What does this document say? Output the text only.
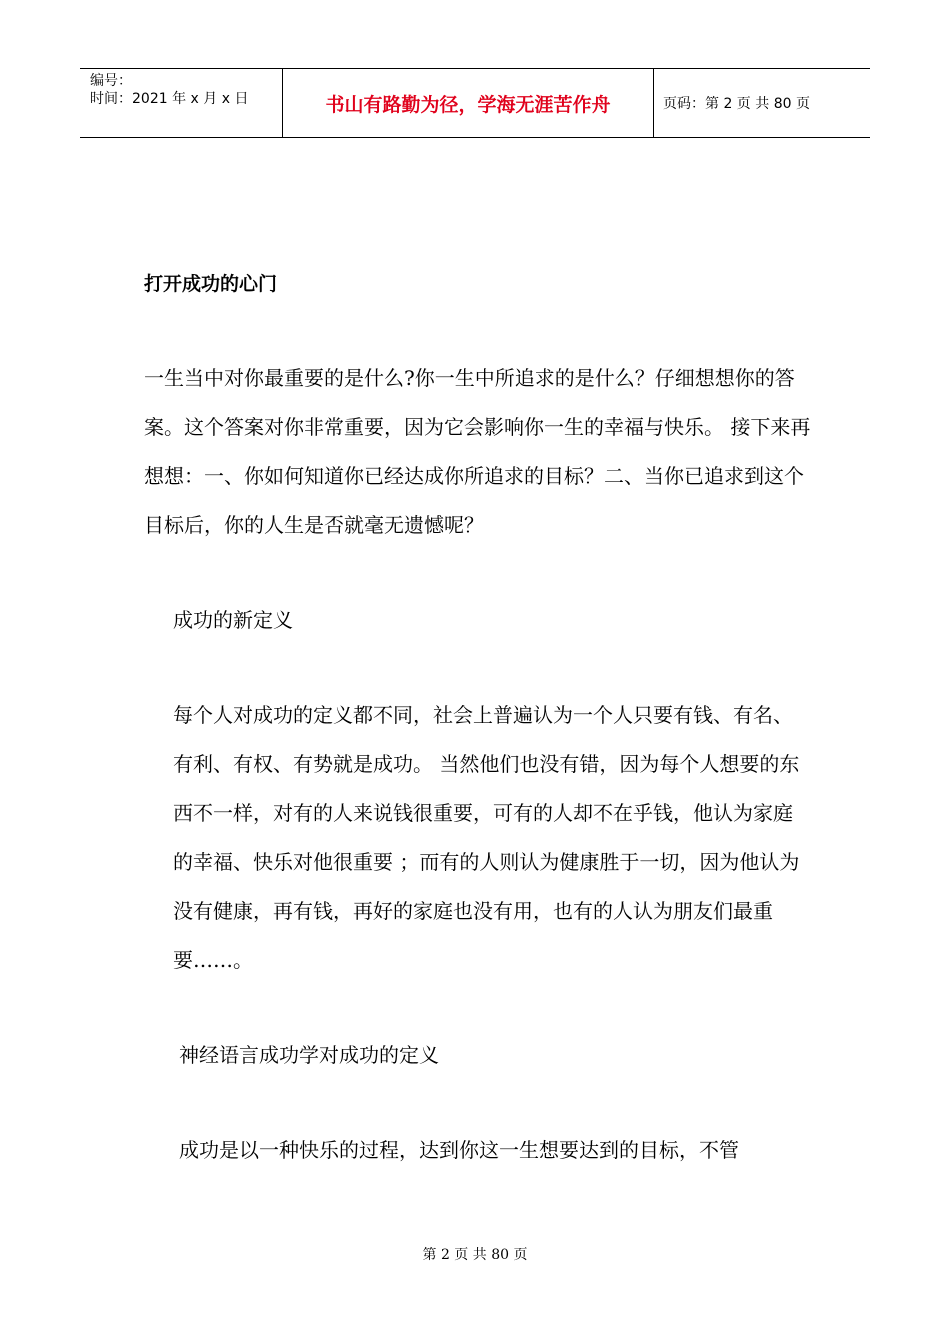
编号：
时间：2021 年 x 月 x 日	书山有路勤为径，学海无涯苦作舟	页码：第 2 页 共 80 页

打开成功的心门

一生当中对你最重要的是什么?你一生中所追求的是什么？仔细想想你的答案。这个答案对你非常重要，因为它会影响你一生的幸福与快乐。 接下来再想想：一、你如何知道你已经达成你所追求的目标？二、当你已追求到这个目标后，你的人生是否就毫无遗憾呢？

成功的新定义

每个人对成功的定义都不同，社会上普遍认为一个人只要有钱、有名、有利、有权、有势就是成功。 当然他们也没有错，因为每个人想要的东西不一样，对有的人来说钱很重要，可有的人却不在乎钱，他认为家庭的幸福、快乐对他很重要 ；而有的人则认为健康胜于一切，因为他认为没有健康，再有钱，再好的家庭也没有用，也有的人认为朋友们最重要……。

神经语言成功学对成功的定义

成功是以一种快乐的过程，达到你这一生想要达到的目标，不管

第 2 页 共 80 页
